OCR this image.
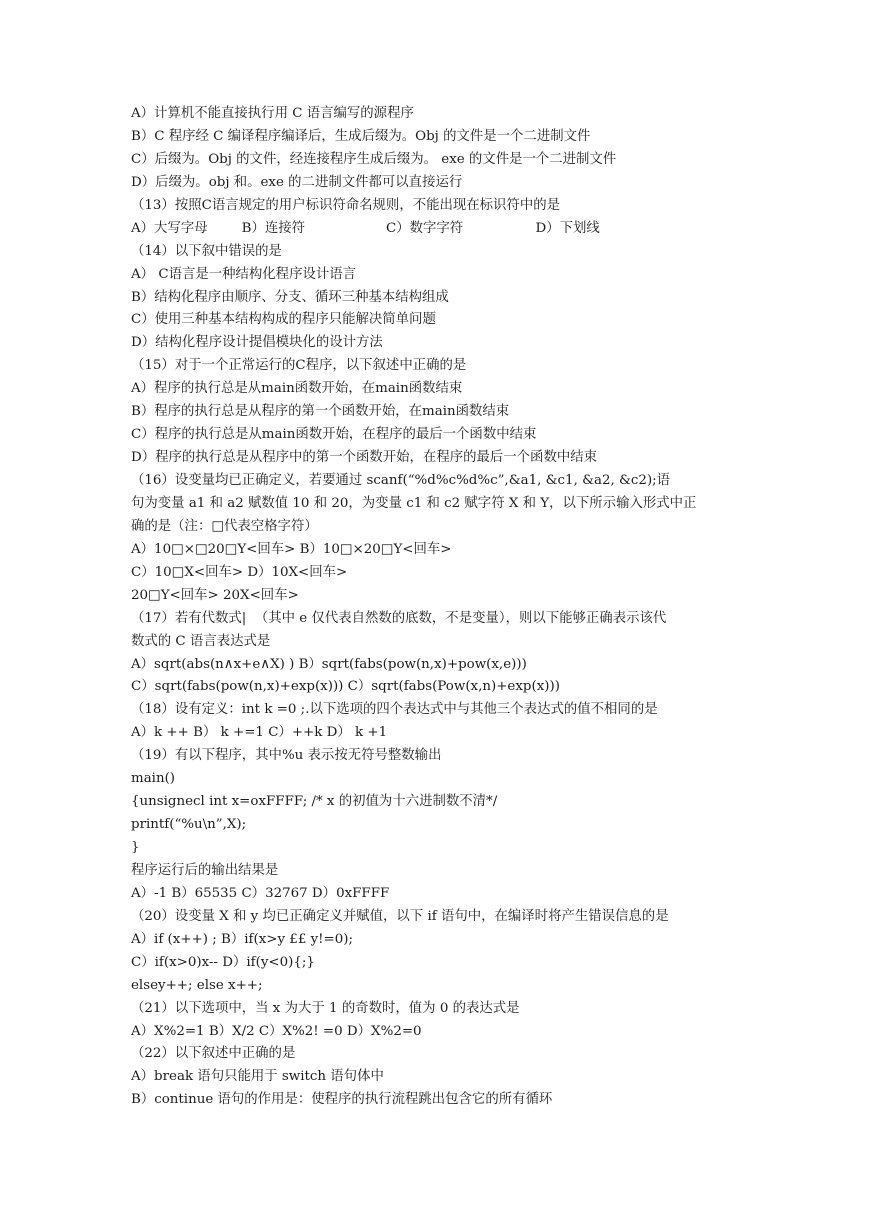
A）计算机不能直接执行用 C 语言编写的源程序
B）C 程序经 C 编译程序编译后，生成后缀为。Obj 的文件是一个二进制文件
C）后缀为。Obj 的文件，经连接程序生成后缀为。 exe 的文件是一个二进制文件
D）后缀为。obj 和。exe 的二进制文件都可以直接运行
（13）按照C语言规定的用户标识符命名规则，不能出现在标识符中的是
A）大写字母        B）连接符                   C）数字字符                 D）下划线
（14）以下叙中错误的是
A） C语言是一种结构化程序设计语言
B）结构化程序由顺序、分支、循环三种基本结构组成
C）使用三种基本结构构成的程序只能解决简单问题
D）结构化程序设计提倡模块化的设计方法
（15）对于一个正常运行的C程序，以下叙述中正确的是
A）程序的执行总是从main函数开始，在main函数结束
B）程序的执行总是从程序的第一个函数开始，在main函数结束
C）程序的执行总是从main函数开始，在程序的最后一个函数中结束
D）程序的执行总是从程序中的第一个函数开始，在程序的最后一个函数中结束
（16）设变量均已正确定义，若要通过 scanf(“%d%c%d%c”,&a1, &c1, &a2, &c2);语
句为变量 a1 和 a2 赋数值 10 和 20，为变量 c1 和 c2 赋字符 X 和 Y，以下所示输入形式中正
确的是（注：□代表空格字符）
A）10□×□20□Y<回车> B）10□×20□Y<回车>
C）10□X<回车> D）10X<回车>
20□Y<回车> 20X<回车>
（17）若有代数式|  （其中 e 仅代表自然数的底数，不是变量），则以下能够正确表示该代
数式的 C 语言表达式是
A）sqrt(abs(n∧x+e∧X) ) B）sqrt(fabs(pow(n,x)+pow(x,e)))
C）sqrt(fabs(pow(n,x)+exp(x))) C）sqrt(fabs(Pow(x,n)+exp(x)))
（18）设有定义：int k =0 ;.以下选项的四个表达式中与其他三个表达式的值不相同的是
A）k ++ B） k +=1 C）++k D） k +1
（19）有以下程序，其中%u 表示按无符号整数输出
main()
{unsignecl int x=oxFFFF; /* x 的初值为十六进制数不清*/
printf(“%u\n”,X);
}
程序运行后的输出结果是
A）-1 B）65535 C）32767 D）0xFFFF
（20）设变量 X 和 y 均已正确定义并赋值，以下 if 语句中，在编译时将产生错误信息的是
A）if (x++) ; B）if(x>y ££ y!=0);
C）if(x>0)x-- D）if(y<0){;}
elsey++; else x++;
（21）以下选项中，当 x 为大于 1 的奇数时，值为 0 的表达式是
A）X%2=1 B）X/2 C）X%2! =0 D）X%2=0
（22）以下叙述中正确的是
A）break 语句只能用于 switch 语句体中
B）continue 语句的作用是：使程序的执行流程跳出包含它的所有循环
